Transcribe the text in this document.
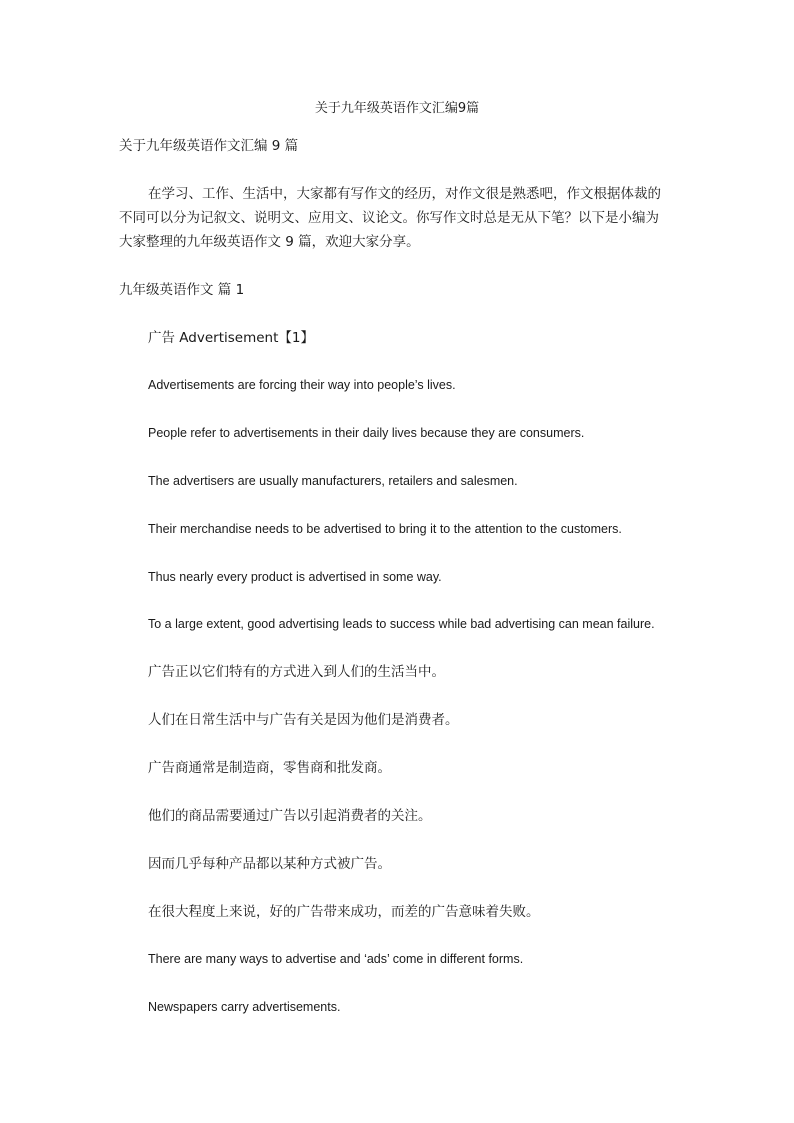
关于九年级英语作文汇编9篇
关于九年级英语作文汇编 9 篇
在学习、工作、生活中，大家都有写作文的经历，对作文很是熟悉吧，作文根据体裁的
不同可以分为记叙文、说明文、应用文、议论文。你写作文时总是无从下笔？以下是小编为
大家整理的九年级英语作文 9 篇，欢迎大家分享。
九年级英语作文 篇 1
广告 Advertisement【1】
Advertisements are forcing their way into people’s lives.
People refer to advertisements in their daily lives because they are consumers.
The advertisers are usually manufacturers, retailers and salesmen.
Their merchandise needs to be advertised to bring it to the attention to the customers.
Thus nearly every product is advertised in some way.
To a large extent, good advertising leads to success while bad advertising can mean failure.
广告正以它们特有的方式进入到人们的生活当中。
人们在日常生活中与广告有关是因为他们是消费者。
广告商通常是制造商，零售商和批发商。
他们的商品需要通过广告以引起消费者的关注。
因而几乎每种产品都以某种方式被广告。
在很大程度上来说，好的广告带来成功，而差的广告意味着失败。
There are many ways to advertise and ‘ads’ come in different forms.
Newspapers carry advertisements.
